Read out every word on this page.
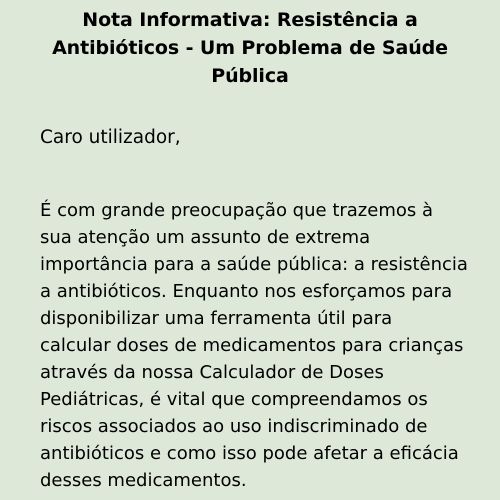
Nota Informativa: Resistência a Antibióticos - Um Problema de Saúde Pública

Caro utilizador,

É com grande preocupação que trazemos à sua atenção um assunto de extrema importância para a saúde pública: a resistência a antibióticos. Enquanto nos esforçamos para disponibilizar uma ferramenta útil para calcular doses de medicamentos para crianças através da nossa Calculador de Doses Pediátricas, é vital que compreendamos os riscos associados ao uso indiscriminado de antibióticos e como isso pode afetar a eficácia desses medicamentos.
